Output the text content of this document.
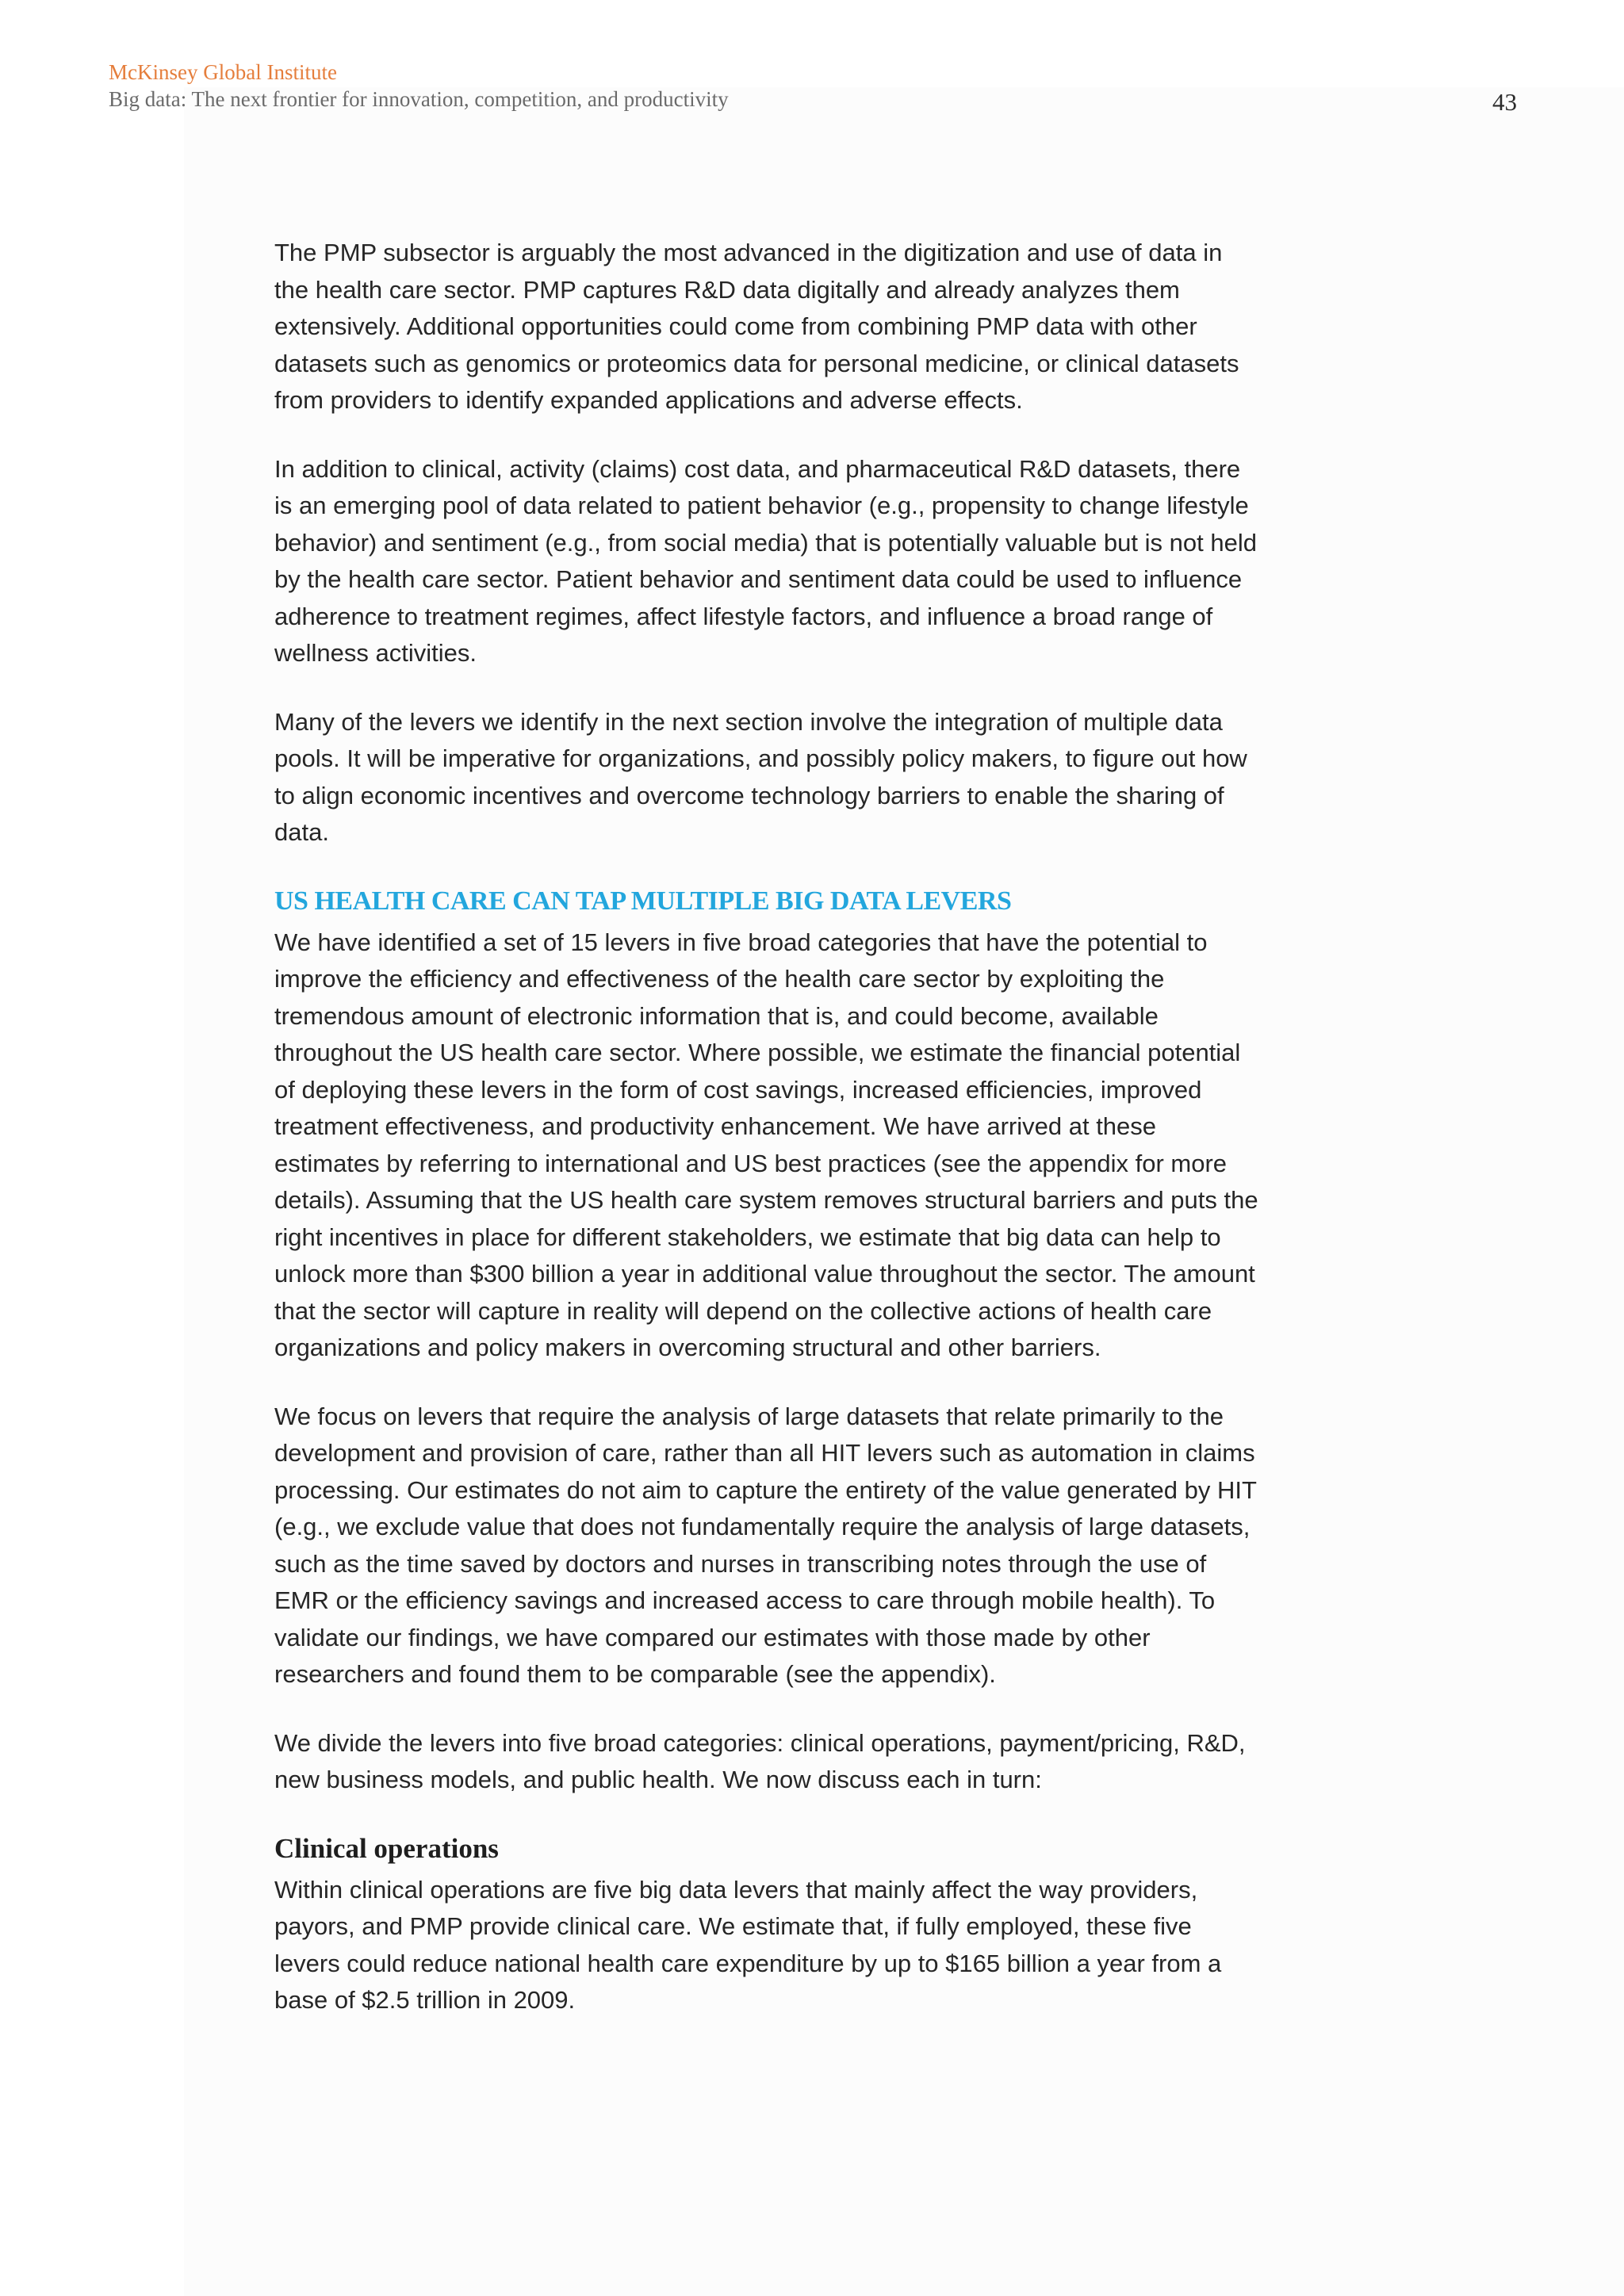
McKinsey Global Institute
Big data: The next frontier for innovation, competition, and productivity	43

The PMP subsector is arguably the most advanced in the digitization and use of data in the health care sector. PMP captures R&D data digitally and already analyzes them extensively. Additional opportunities could come from combining PMP data with other datasets such as genomics or proteomics data for personal medicine, or clinical datasets from providers to identify expanded applications and adverse effects.

In addition to clinical, activity (claims) cost data, and pharmaceutical R&D datasets, there is an emerging pool of data related to patient behavior (e.g., propensity to change lifestyle behavior) and sentiment (e.g., from social media) that is potentially valuable but is not held by the health care sector. Patient behavior and sentiment data could be used to influence adherence to treatment regimes, affect lifestyle factors, and influence a broad range of wellness activities.

Many of the levers we identify in the next section involve the integration of multiple data pools. It will be imperative for organizations, and possibly policy makers, to figure out how to align economic incentives and overcome technology barriers to enable the sharing of data.

US HEALTH CARE CAN TAP MULTIPLE BIG DATA LEVERS

We have identified a set of 15 levers in five broad categories that have the potential to improve the efficiency and effectiveness of the health care sector by exploiting the tremendous amount of electronic information that is, and could become, available throughout the US health care sector. Where possible, we estimate the financial potential of deploying these levers in the form of cost savings, increased efficiencies, improved treatment effectiveness, and productivity enhancement. We have arrived at these estimates by referring to international and US best practices (see the appendix for more details). Assuming that the US health care system removes structural barriers and puts the right incentives in place for different stakeholders, we estimate that big data can help to unlock more than $300 billion a year in additional value throughout the sector. The amount that the sector will capture in reality will depend on the collective actions of health care organizations and policy makers in overcoming structural and other barriers.

We focus on levers that require the analysis of large datasets that relate primarily to the development and provision of care, rather than all HIT levers such as automation in claims processing. Our estimates do not aim to capture the entirety of the value generated by HIT (e.g., we exclude value that does not fundamentally require the analysis of large datasets, such as the time saved by doctors and nurses in transcribing notes through the use of EMR or the efficiency savings and increased access to care through mobile health). To validate our findings, we have compared our estimates with those made by other researchers and found them to be comparable (see the appendix).

We divide the levers into five broad categories: clinical operations, payment/pricing, R&D, new business models, and public health. We now discuss each in turn:

Clinical operations

Within clinical operations are five big data levers that mainly affect the way providers, payors, and PMP provide clinical care. We estimate that, if fully employed, these five levers could reduce national health care expenditure by up to $165 billion a year from a base of $2.5 trillion in 2009.
